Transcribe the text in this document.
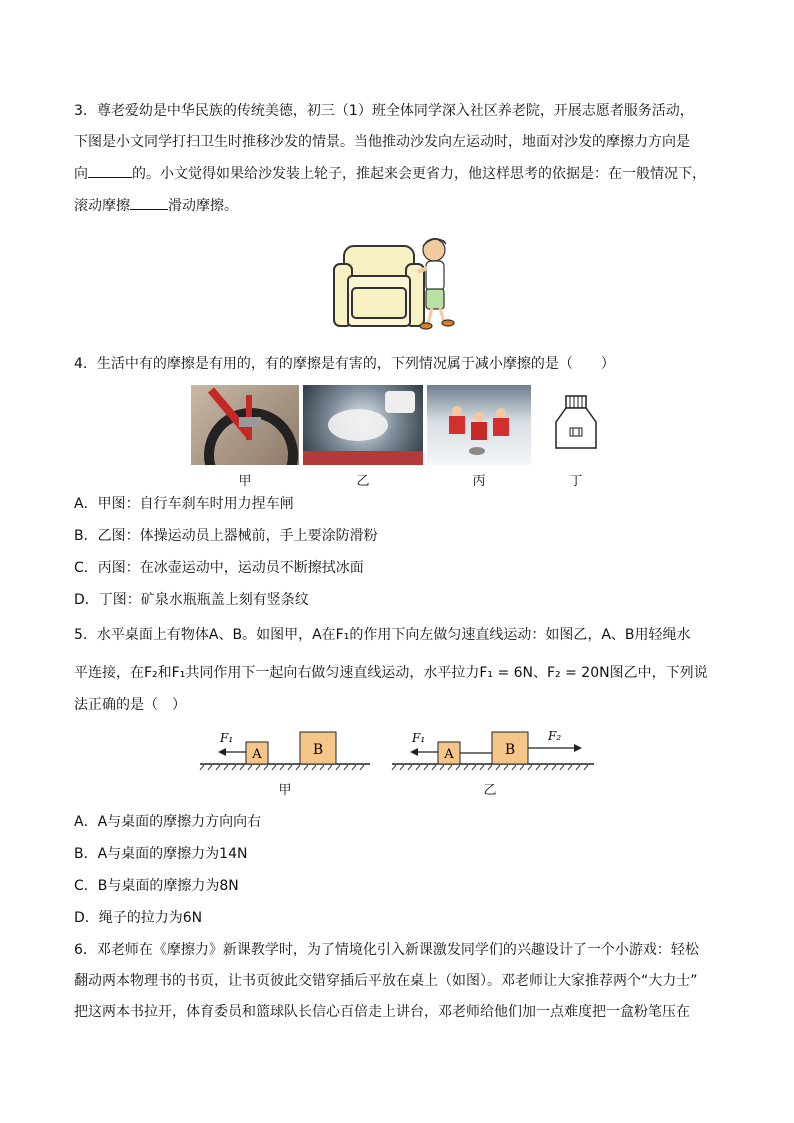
3．尊老爱幼是中华民族的传统美德，初三（1）班全体同学深入社区养老院，开展志愿者服务活动，
下图是小文同学打扫卫生时推移沙发的情景。当他推动沙发向左运动时，地面对沙发的摩擦力方向是
向	的。小文觉得如果给沙发装上轮子，推起来会更省力，他这样思考的依据是：在一般情况下，
滚动摩擦	滑动摩擦。
4．生活中有的摩擦是有用的，有的摩擦是有害的，下列情况属于减小摩擦的是（　　）
甲	乙	丙	丁
A．甲图：自行车刹车时用力捏车闸
B．乙图：体操运动员上器械前，手上要涂防滑粉
C．丙图：在冰壶运动中，运动员不断擦拭冰面
D．丁图：矿泉水瓶瓶盖上刻有竖条纹
5．水平桌面上有物体A、B。如图甲，A在F₁的作用下向左做匀速直线运动：如图乙，A、B用轻绳水
平连接，在F₂和F₁共同作用下一起向右做匀速直线运动，水平拉力F₁ = 6N、F₂ = 20N图乙中，下列说
法正确的是（　）
A	B
F₁
甲
A	B
F₁	F₂
乙
A．A与桌面的摩擦力方向向右
B．A与桌面的摩擦力为14N
C．B与桌面的摩擦力为8N
D．绳子的拉力为6N
6．邓老师在《摩擦力》新课教学时，为了情境化引入新课激发同学们的兴趣设计了一个小游戏：轻松
翻动两本物理书的书页，让书页彼此交错穿插后平放在桌上（如图）。邓老师让大家推荐两个“大力士”
把这两本书拉开，体育委员和篮球队长信心百倍走上讲台，邓老师给他们加一点难度把一盒粉笔压在
